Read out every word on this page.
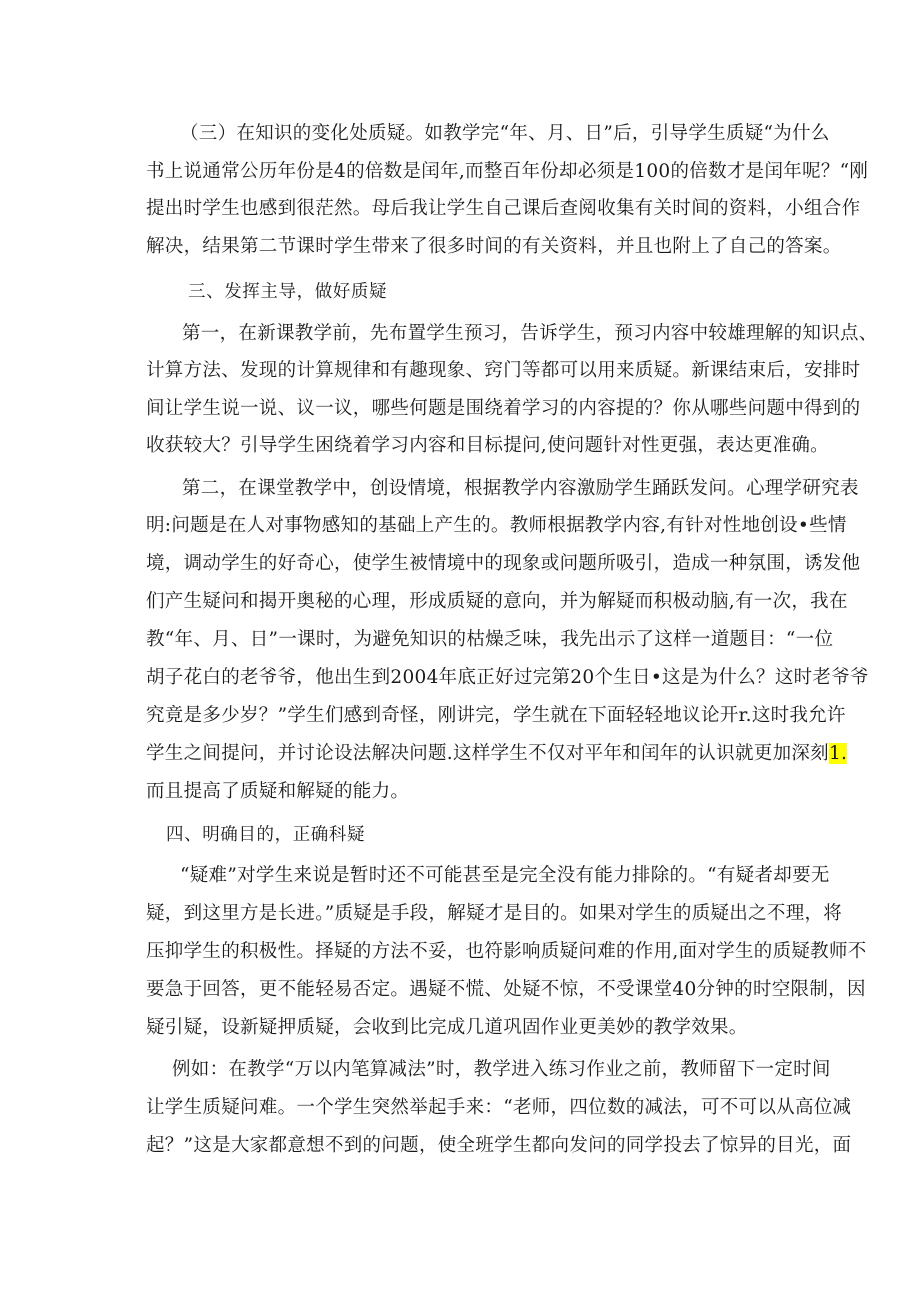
（三）在知识的变化处质疑。如教学完“年、月、日”后，引导学生质疑“为什么
书上说通常公历年份是4的倍数是闰年,而整百年份却必须是100的倍数才是闰年呢？“刚
提出时学生也感到很茫然。母后我让学生自己课后查阅收集有关时间的资料，小组合作
解决，结果第二节课时学生带来了很多时间的有关资料，并且也附上了自己的答案。
三、发挥主导，做好质疑
第一，在新课教学前，先布置学生预习，告诉学生，预习内容中较雄理解的知识点、
计算方法、发现的计算规律和有趣现象、窍门等都可以用来质疑。新课结束后，安排时
间让学生说一说、议一议，哪些何题是围绕着学习的内容提的？你从哪些问题中得到的
收获较大？引导学生困绕着学习内容和目标提问,使问题针对性更强，表达更准确。
第二，在课堂教学中，创设情境，根据教学内容激励学生踊跃发问。心理学研究表
明:问题是在人对事物感知的基础上产生的。教师根据教学内容,有针对性地创设•些情
境，调动学生的好奇心，使学生被情境中的现象或问题所吸引，造成一种氛围，诱发他
们产生疑问和揭开奥秘的心理，形成质疑的意向，并为解疑而积极动脑,有一次，我在
教“年、月、日”一课时，为避免知识的枯燥乏味，我先出示了这样一道题目：“一位
胡子花白的老爷爷，他出生到2004年底正好过完第20个生日•这是为什么？这时老爷爷
究竟是多少岁？”学生们感到奇怪，刚讲完，学生就在下面轻轻地议论开r.这时我允许
学生之间提问，并讨论设法解决问题.这样学生不仅对平年和闰年的认识就更加深刻1.
而且提高了质疑和解疑的能力。
四、明确目的，正确科疑
“疑难”对学生来说是暂时还不可能甚至是完全没有能力排除的。“有疑者却要无
疑，到这里方是长进。”质疑是手段，解疑才是目的。如果对学生的质疑出之不理，将
压抑学生的积极性。择疑的方法不妥，也符影响质疑问难的作用,面对学生的质疑教师不
要急于回答，更不能轻易否定。遇疑不慌、处疑不惊，不受课堂40分钟的时空限制，因
疑引疑，设新疑押质疑，会收到比完成几道巩固作业更美妙的教学效果。
例如：在教学“万以内笔算减法”时，教学进入练习作业之前，教师留下一定时间
让学生质疑问难。一个学生突然举起手来：“老师，四位数的减法，可不可以从高位减
起？”这是大家都意想不到的问题，使全班学生都向发问的同学投去了惊异的目光，面
